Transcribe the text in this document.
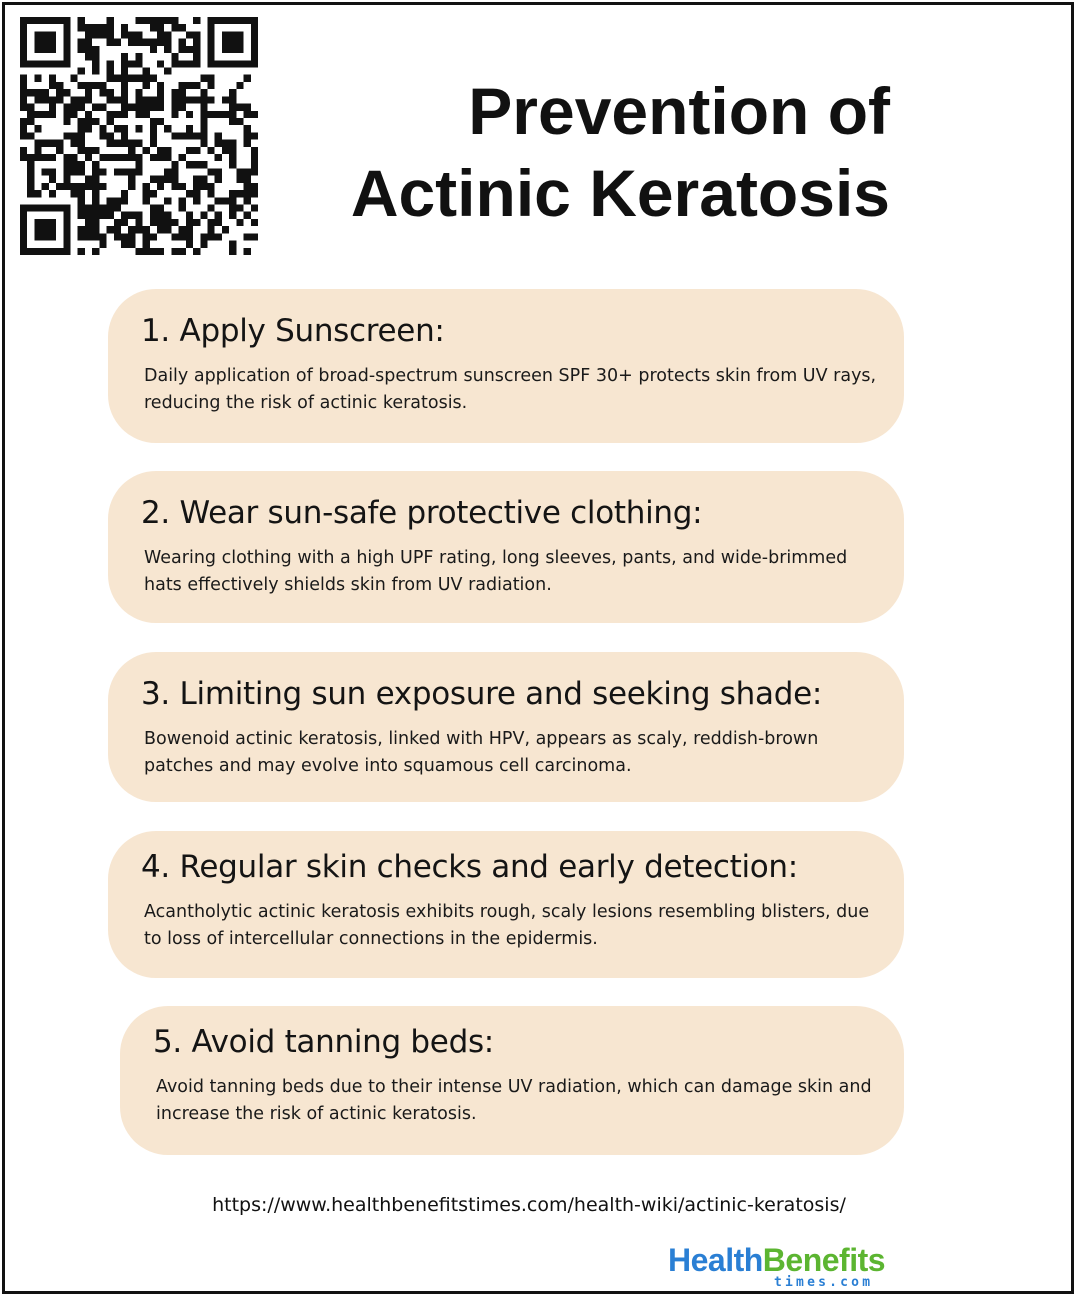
Prevention of
Actinic Keratosis
1. Apply Sunscreen:
Daily application of broad-spectrum sunscreen SPF 30+ protects skin from UV rays, reducing the risk of actinic keratosis.
2. Wear sun-safe protective clothing:
Wearing clothing with a high UPF rating, long sleeves, pants, and wide-brimmed hats effectively shields skin from UV radiation.
3. Limiting sun exposure and seeking shade:
Bowenoid actinic keratosis, linked with HPV, appears as scaly, reddish-brown patches and may evolve into squamous cell carcinoma.
4. Regular skin checks and early detection:
Acantholytic actinic keratosis exhibits rough, scaly lesions resembling blisters, due to loss of intercellular connections in the epidermis.
5. Avoid tanning beds:
Avoid tanning beds due to their intense UV radiation, which can damage skin and increase the risk of actinic keratosis.
https://www.healthbenefitstimes.com/health-wiki/actinic-keratosis/
HealthBenefits
times.com
